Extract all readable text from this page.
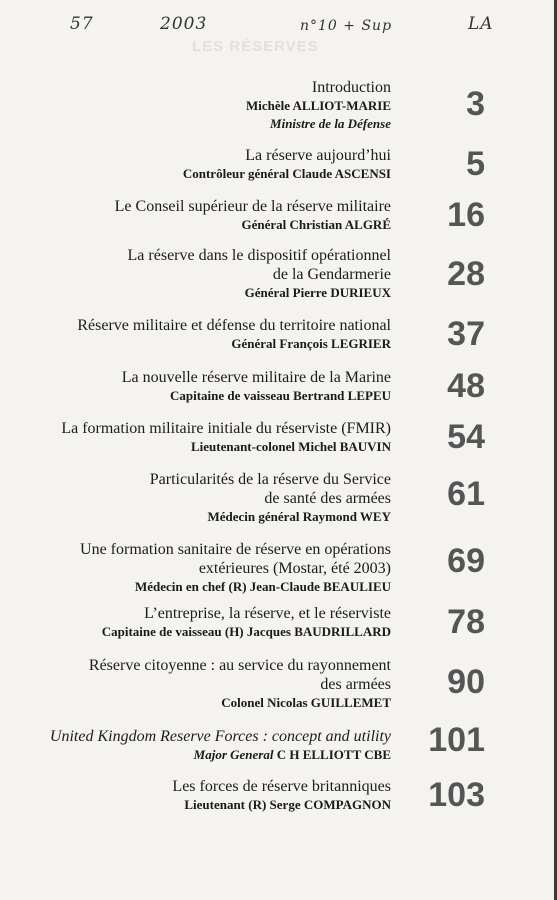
57	2003	n°10 + Sup	LA
LES RÉSERVES
Introduction
Michèle ALLIOT-MARIE
Ministre de la Défense
3
La réserve aujourd’hui
Contrôleur général Claude ASCENSI 5
Le Conseil supérieur de la réserve militaire
Général Christian ALGRÉ 16
La réserve dans le dispositif opérationnel
de la Gendarmerie
Général Pierre DURIEUX 28
Réserve militaire et défense du territoire national
Général François LEGRIER 37
La nouvelle réserve militaire de la Marine
Capitaine de vaisseau Bertrand LEPEU 48
La formation militaire initiale du réserviste (FMIR)
Lieutenant-colonel Michel BAUVIN 54
Particularités de la réserve du Service
de santé des armées
Médecin général Raymond WEY
61
Une formation sanitaire de réserve en opérations
extérieures (Mostar, été 2003)
Médecin en chef (R) Jean-Claude BEAULIEU
69
L’entreprise, la réserve, et le réserviste
Capitaine de vaisseau (H) Jacques BAUDRILLARD 78
Réserve citoyenne : au service du rayonnement
des armées
Colonel Nicolas GUILLEMET
90
United Kingdom Reserve Forces : concept and utility
Major General C H ELLIOTT CBE 101
Les forces de réserve britanniques
Lieutenant (R) Serge COMPAGNON 103
